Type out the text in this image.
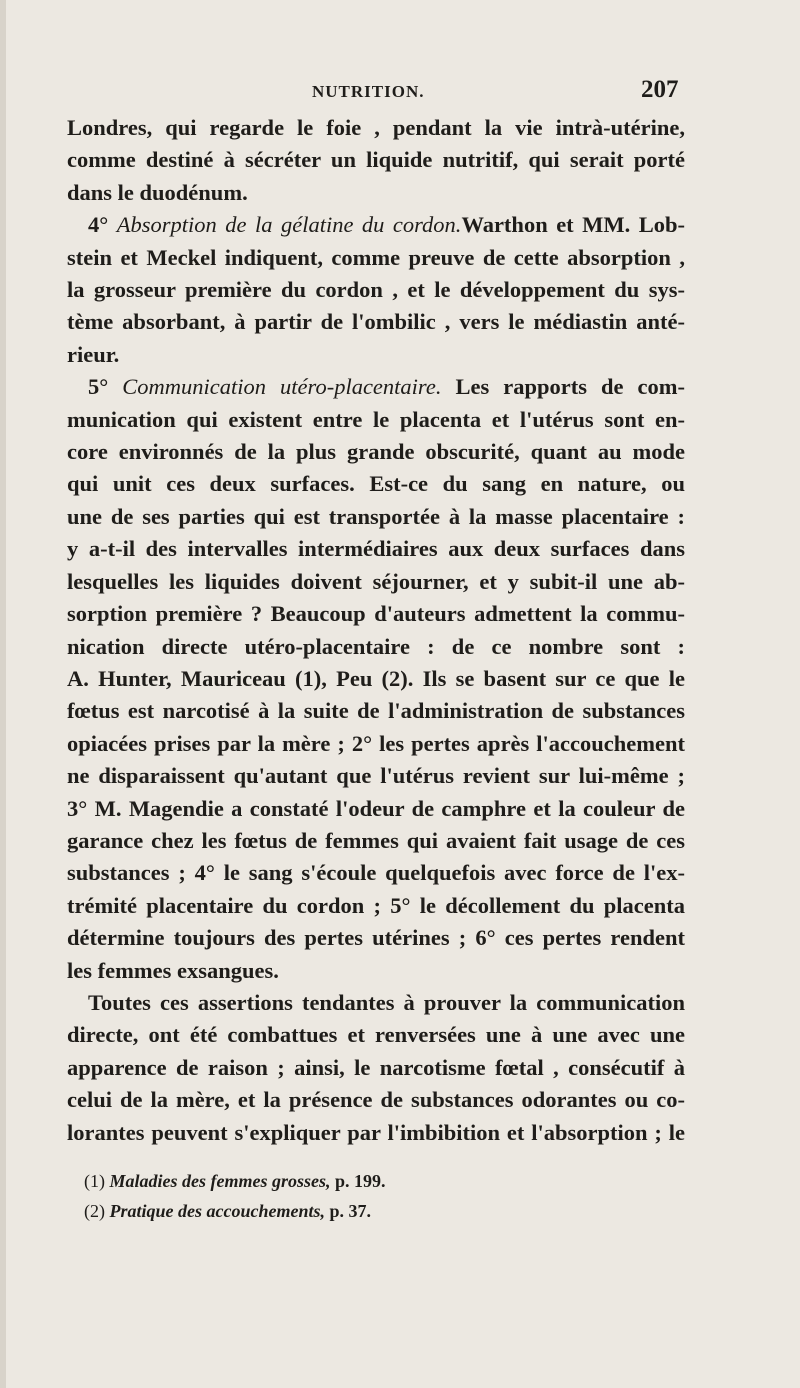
NUTRITION.	207
Londres, qui regarde le foie , pendant la vie intrà-utérine,
comme destiné à sécréter un liquide nutritif, qui serait porté
dans le duodénum.
4° Absorption de la gélatine du cordon.Warthon et MM. Lob-
stein et Meckel indiquent, comme preuve de cette absorption ,
la grosseur première du cordon , et le développement du sys-
tème absorbant, à partir de l'ombilic , vers le médiastin anté-
rieur.
5° Communication utéro-placentaire. Les rapports de com-
munication qui existent entre le placenta et l'utérus sont en-
core environnés de la plus grande obscurité, quant au mode
qui unit ces deux surfaces. Est-ce du sang en nature, ou
une de ses parties qui est transportée à la masse placentaire :
y a-t-il des intervalles intermédiaires aux deux surfaces dans
lesquelles les liquides doivent séjourner, et y subit-il une ab-
sorption première ? Beaucoup d'auteurs admettent la commu-
nication directe utéro-placentaire : de ce nombre sont :
A. Hunter, Mauriceau (1), Peu (2). Ils se basent sur ce que le
fœtus est narcotisé à la suite de l'administration de substances
opiacées prises par la mère ; 2° les pertes après l'accouchement
ne disparaissent qu'autant que l'utérus revient sur lui-même ;
3° M. Magendie a constaté l'odeur de camphre et la couleur de
garance chez les fœtus de femmes qui avaient fait usage de ces
substances ; 4° le sang s'écoule quelquefois avec force de l'ex-
trémité placentaire du cordon ; 5° le décollement du placenta
détermine toujours des pertes utérines ; 6° ces pertes rendent
les femmes exsangues.
Toutes ces assertions tendantes à prouver la communication
directe, ont été combattues et renversées une à une avec une
apparence de raison ; ainsi, le narcotisme fœtal , consécutif à
celui de la mère, et la présence de substances odorantes ou co-
lorantes peuvent s'expliquer par l'imbibition et l'absorption ; le
(1) Maladies des femmes grosses, p. 199.
(2) Pratique des accouchements, p. 37.
